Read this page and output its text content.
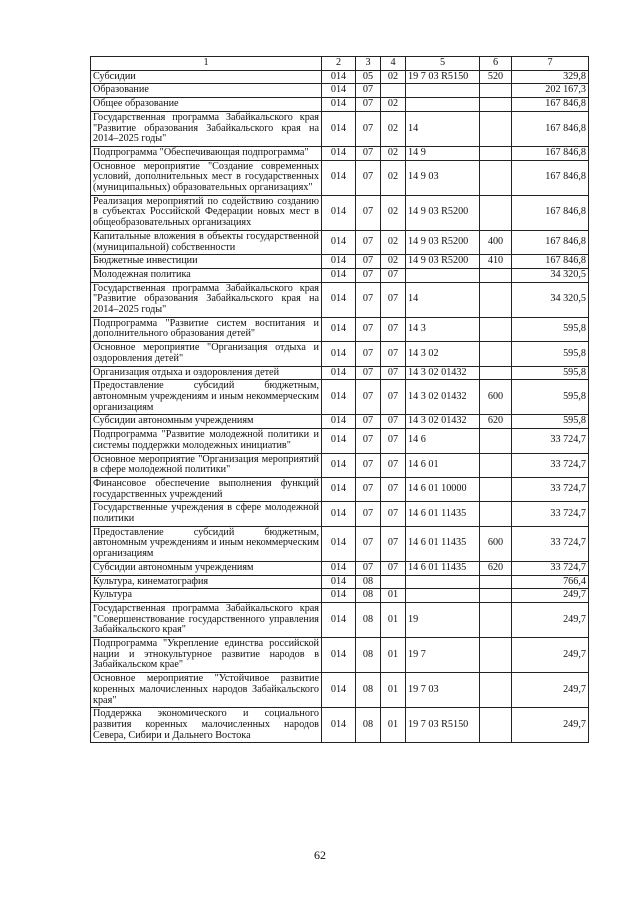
1	2	3	4	5	6	7
Субсидии	014	05	02	19 7 03 R5150	520	329,8
Образование	014	07				202 167,3
Общее образование	014	07	02			167 846,8
Государственная программа Забайкальского края "Развитие образования Забайкальского края на 2014–2025 годы"	014	07	02	14		167 846,8
Подпрограмма "Обеспечивающая подпрограмма"	014	07	02	14 9		167 846,8
Основное мероприятие "Создание современных условий, дополнительных мест в государственных (муниципальных) образовательных организациях"	014	07	02	14 9 03		167 846,8
Реализация мероприятий по содействию созданию в субъектах Российской Федерации новых мест в общеобразовательных организациях	014	07	02	14 9 03 R5200		167 846,8
Капитальные вложения в объекты государственной (муниципальной) собственности	014	07	02	14 9 03 R5200	400	167 846,8
Бюджетные инвестиции	014	07	02	14 9 03 R5200	410	167 846,8
Молодежная политика	014	07	07			34 320,5
Государственная программа Забайкальского края "Развитие образования Забайкальского края на 2014–2025 годы"	014	07	07	14		34 320,5
Подпрограмма "Развитие систем воспитания и дополнительного образования детей"	014	07	07	14 3		595,8
Основное мероприятие "Организация отдыха и оздоровления детей"	014	07	07	14 3 02		595,8
Организация отдыха и оздоровления детей	014	07	07	14 3 02 01432		595,8
Предоставление субсидий бюджетным, автономным учреждениям и иным некоммерческим организациям	014	07	07	14 3 02 01432	600	595,8
Субсидии автономным учреждениям	014	07	07	14 3 02 01432	620	595,8
Подпрограмма "Развитие молодежной политики и системы поддержки молодежных инициатив"	014	07	07	14 6		33 724,7
Основное мероприятие "Организация мероприятий в сфере молодежной политики"	014	07	07	14 6 01		33 724,7
Финансовое обеспечение выполнения функций государственных учреждений	014	07	07	14 6 01 10000		33 724,7
Государственные учреждения в сфере молодежной политики	014	07	07	14 6 01 11435		33 724,7
Предоставление субсидий бюджетным, автономным учреждениям и иным некоммерческим организациям	014	07	07	14 6 01 11435	600	33 724,7
Субсидии автономным учреждениям	014	07	07	14 6 01 11435	620	33 724,7
Культура, кинематография	014	08				766,4
Культура	014	08	01			249,7
Государственная программа Забайкальского края "Совершенствование государственного управления Забайкальского края"	014	08	01	19		249,7
Подпрограмма "Укрепление единства российской нации и этнокультурное развитие народов в Забайкальском крае"	014	08	01	19 7		249,7
Основное мероприятие "Устойчивое развитие коренных малочисленных народов Забайкальского края"	014	08	01	19 7 03		249,7
Поддержка экономического и социального развития коренных малочисленных народов Севера, Сибири и Дальнего Востока	014	08	01	19 7 03 R5150		249,7
62
